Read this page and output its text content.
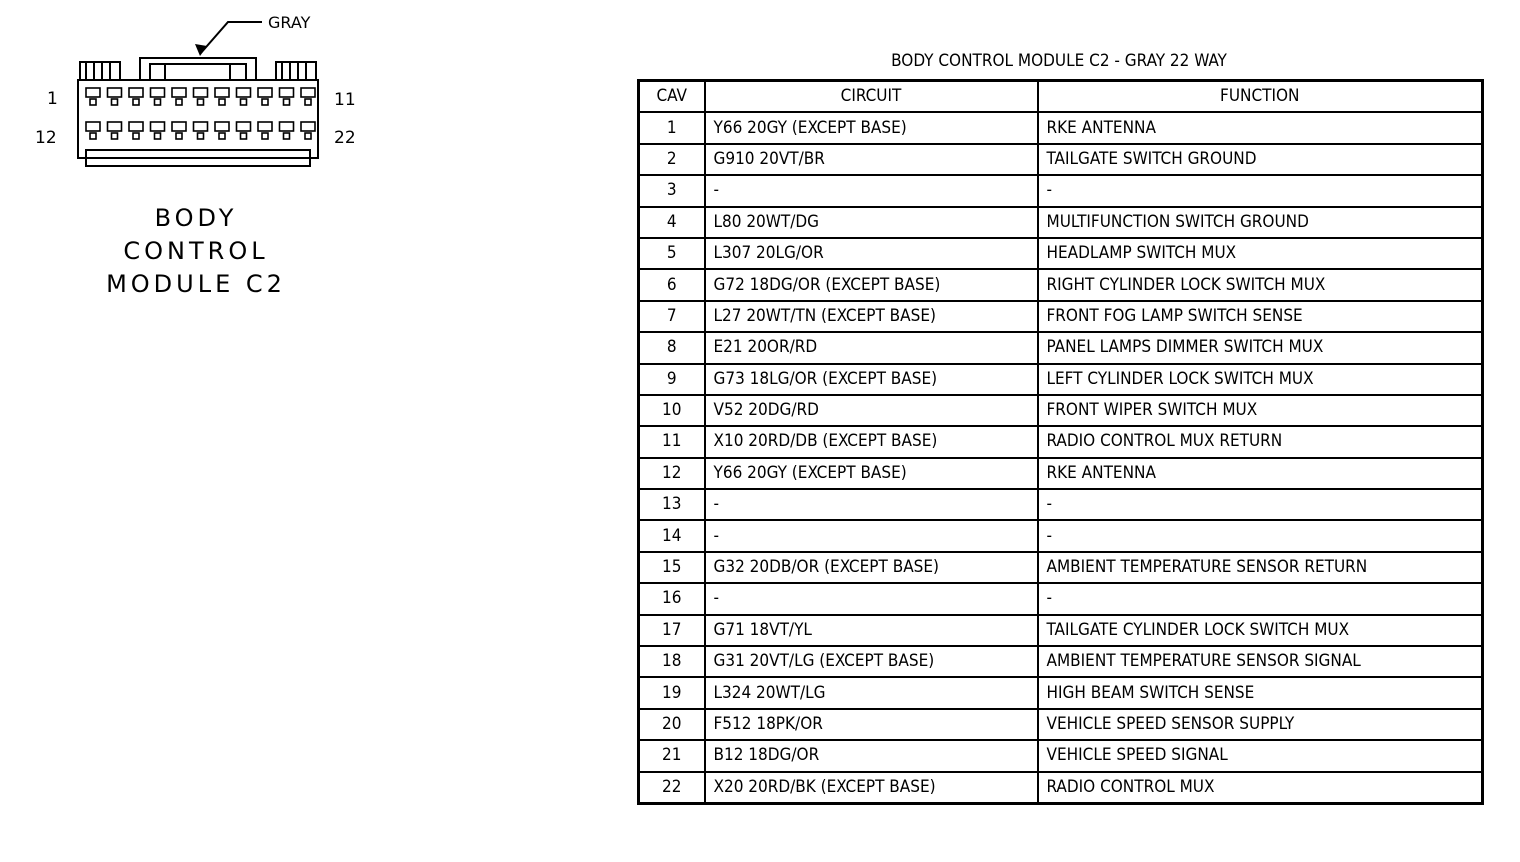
1	11
12	22
GRAY
BODY
CONTROL
MODULE C2
BODY CONTROL MODULE C2 - GRAY 22 WAY
CAV	CIRCUIT	FUNCTION
1	Y66 20GY (EXCEPT BASE)	RKE ANTENNA
2	G910 20VT/BR	TAILGATE SWITCH GROUND
3	-	-
4	L80 20WT/DG	MULTIFUNCTION SWITCH GROUND
5	L307 20LG/OR	HEADLAMP SWITCH MUX
6	G72 18DG/OR (EXCEPT BASE)	RIGHT CYLINDER LOCK SWITCH MUX
7	L27 20WT/TN (EXCEPT BASE)	FRONT FOG LAMP SWITCH SENSE
8	E21 20OR/RD	PANEL LAMPS DIMMER SWITCH MUX
9	G73 18LG/OR (EXCEPT BASE)	LEFT CYLINDER LOCK SWITCH MUX
10	V52 20DG/RD	FRONT WIPER SWITCH MUX
11	X10 20RD/DB (EXCEPT BASE)	RADIO CONTROL MUX RETURN
12	Y66 20GY (EXCEPT BASE)	RKE ANTENNA
13	-	-
14	-	-
15	G32 20DB/OR (EXCEPT BASE)	AMBIENT TEMPERATURE SENSOR RETURN
16	-	-
17	G71 18VT/YL	TAILGATE CYLINDER LOCK SWITCH MUX
18	G31 20VT/LG (EXCEPT BASE)	AMBIENT TEMPERATURE SENSOR SIGNAL
19	L324 20WT/LG	HIGH BEAM SWITCH SENSE
20	F512 18PK/OR	VEHICLE SPEED SENSOR SUPPLY
21	B12 18DG/OR	VEHICLE SPEED SIGNAL
22	X20 20RD/BK (EXCEPT BASE)	RADIO CONTROL MUX
